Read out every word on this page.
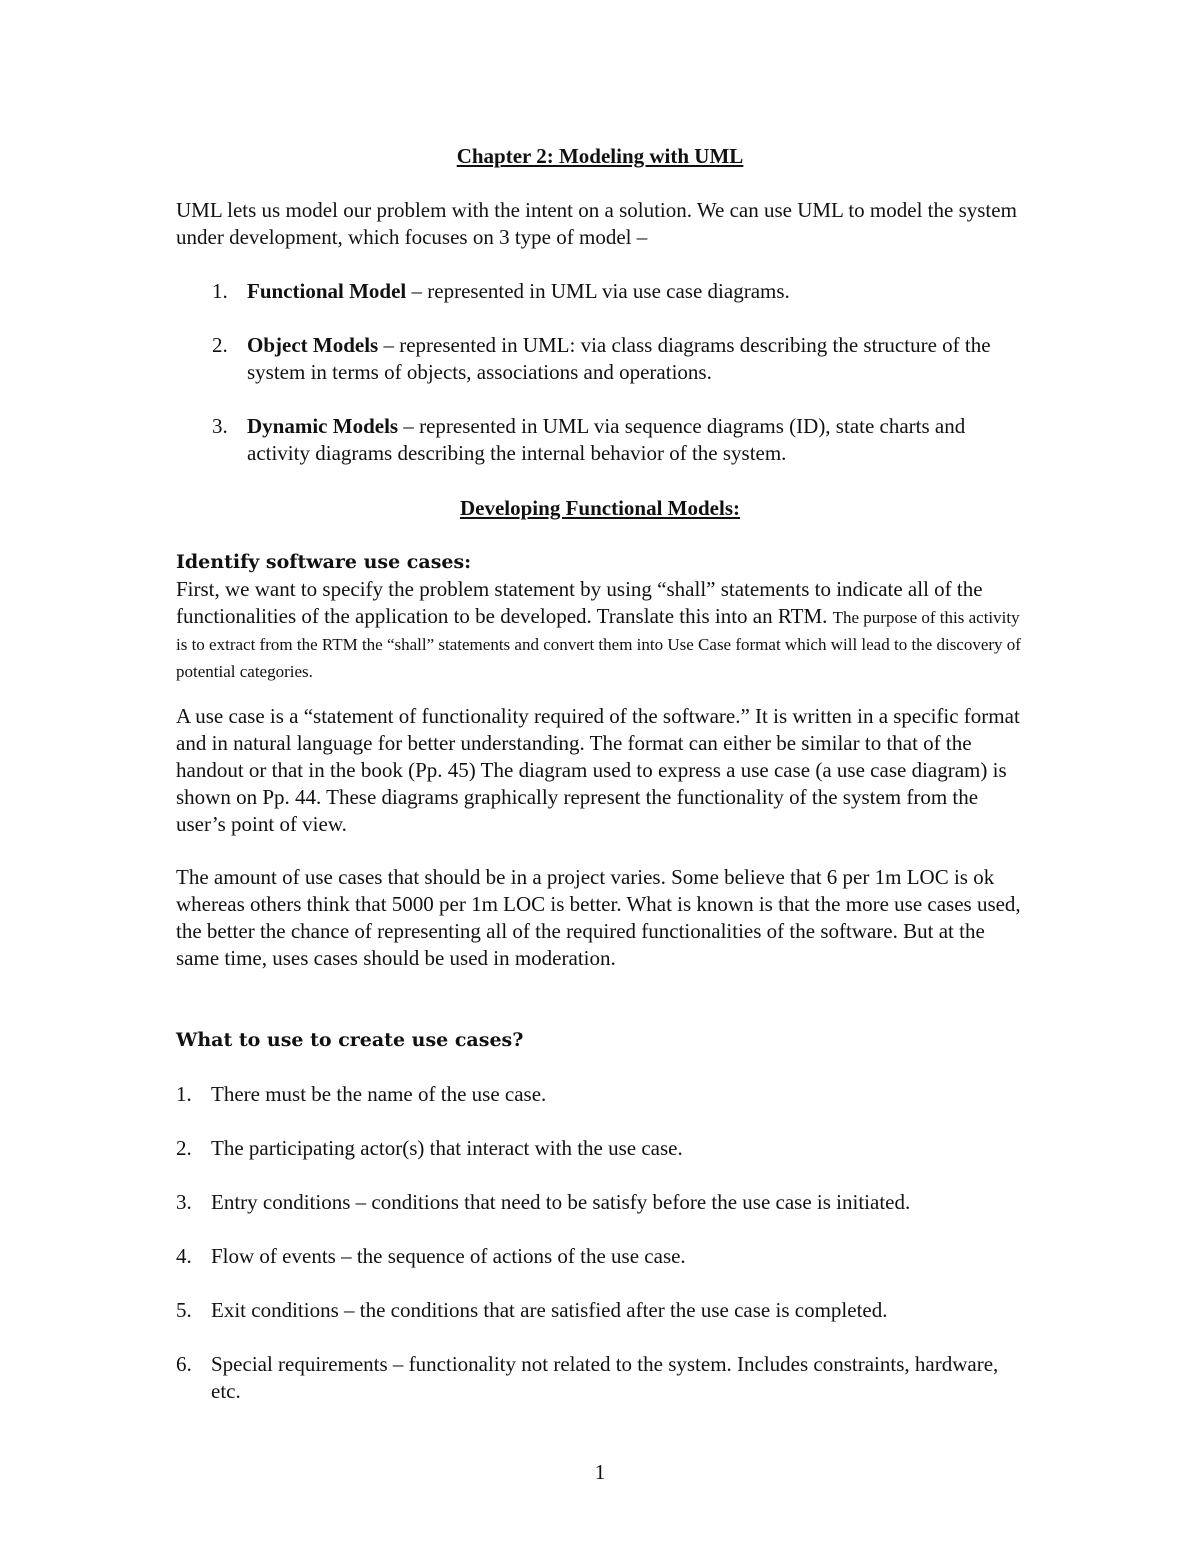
Chapter 2: Modeling with UML
UML lets us model our problem with the intent on a solution. We can use UML to model the system under development, which focuses on 3 type of model –
1. Functional Model – represented in UML via use case diagrams.
2. Object Models – represented in UML: via class diagrams describing the structure of the system in terms of objects, associations and operations.
3. Dynamic Models – represented in UML via sequence diagrams (ID), state charts and activity diagrams describing the internal behavior of the system.
Developing Functional Models:
Identify software use cases:
First, we want to specify the problem statement by using “shall” statements to indicate all of the functionalities of the application to be developed. Translate this into an RTM. The purpose of this activity is to extract from the RTM the “shall” statements and convert them into Use Case format which will lead to the discovery of potential categories.
A use case is a “statement of functionality required of the software.” It is written in a specific format and in natural language for better understanding. The format can either be similar to that of the handout or that in the book (Pp. 45) The diagram used to express a use case (a use case diagram) is shown on Pp. 44. These diagrams graphically represent the functionality of the system from the user’s point of view.
The amount of use cases that should be in a project varies. Some believe that 6 per 1m LOC is ok whereas others think that 5000 per 1m LOC is better. What is known is that the more use cases used, the better the chance of representing all of the required functionalities of the software. But at the same time, uses cases should be used in moderation.
What to use to create use cases?
1. There must be the name of the use case.
2. The participating actor(s) that interact with the use case.
3. Entry conditions – conditions that need to be satisfy before the use case is initiated.
4. Flow of events – the sequence of actions of the use case.
5. Exit conditions – the conditions that are satisfied after the use case is completed.
6. Special requirements – functionality not related to the system. Includes constraints, hardware, etc.
1
